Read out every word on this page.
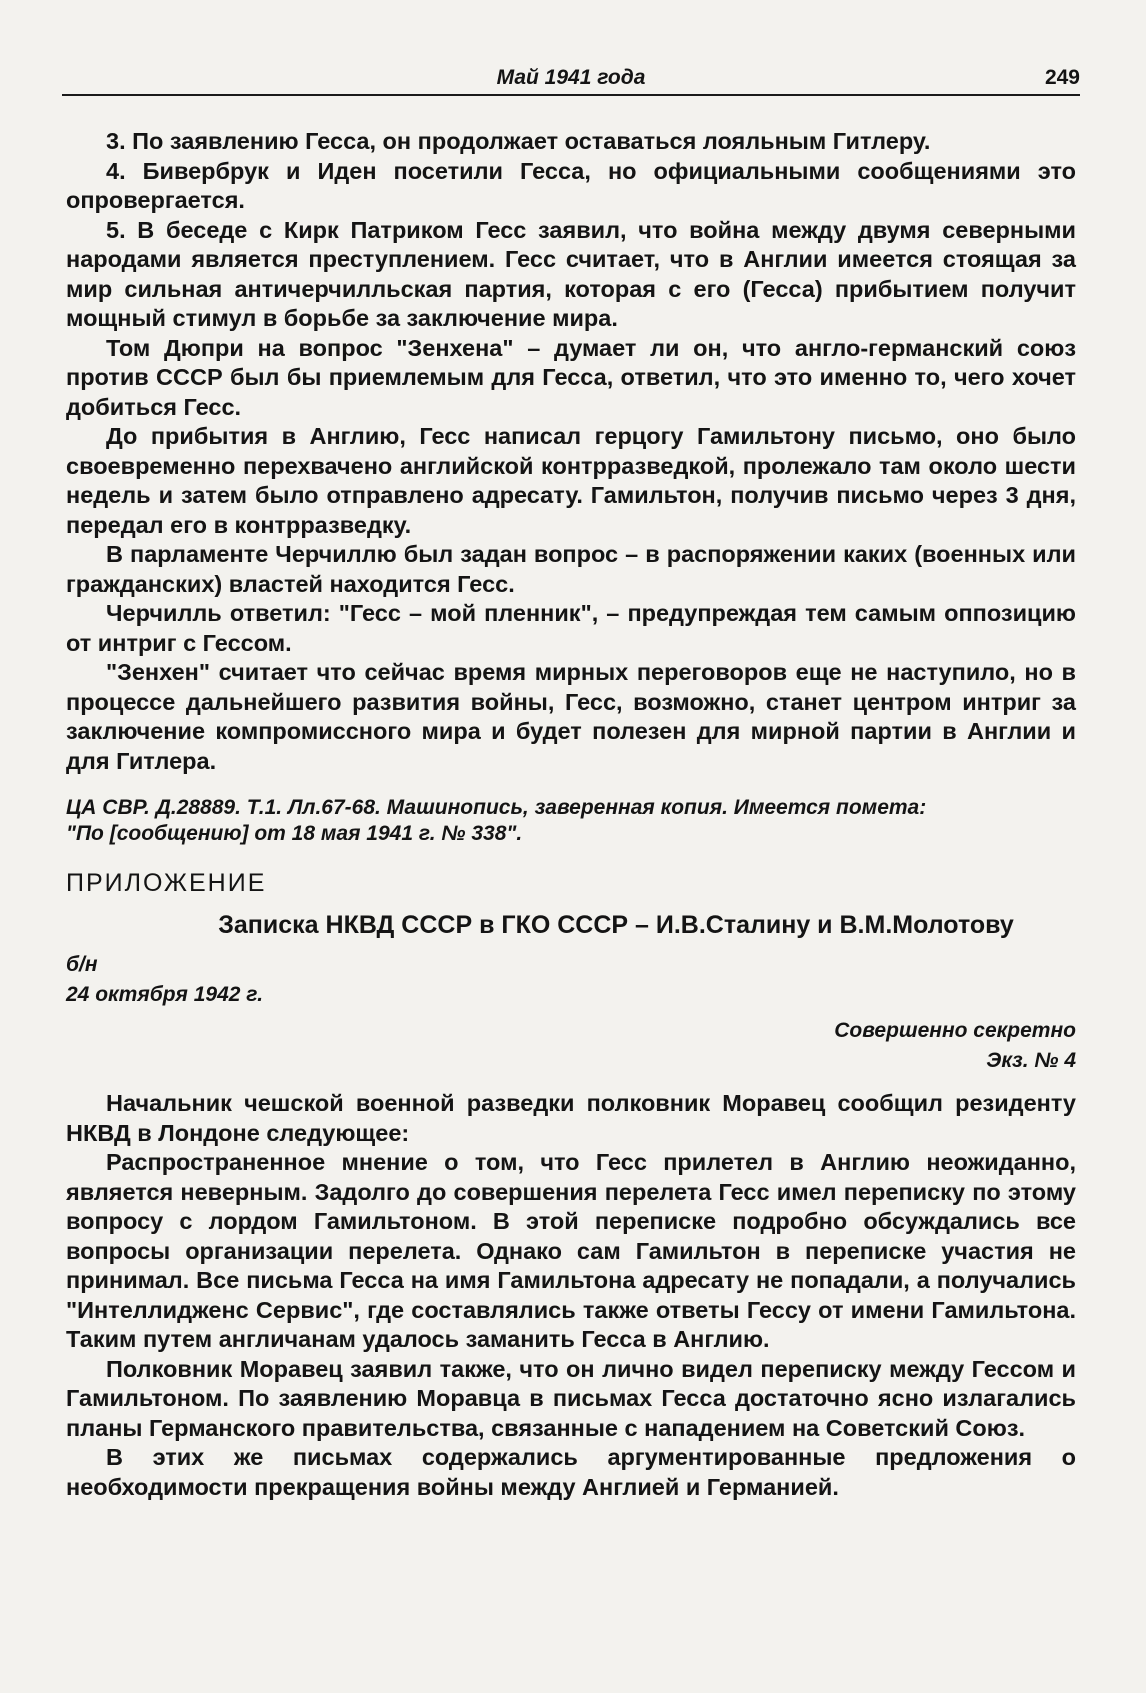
Май 1941 года	249

3. По заявлению Гесса, он продолжает оставаться лояльным Гитлеру.

4. Бивербрук и Иден посетили Гесса, но официальными сообщениями это опровергается.

5. В беседе с Кирк Патриком Гесс заявил, что война между двумя северными народами является преступлением. Гесс считает, что в Англии имеется стоящая за мир сильная античерчилльская партия, которая с его (Гесса) прибытием получит мощный стимул в борьбе за заключение мира.

Том Дюпри на вопрос "Зенхена" – думает ли он, что англо-германский союз против СССР был бы приемлемым для Гесса, ответил, что это именно то, чего хочет добиться Гесс.

До прибытия в Англию, Гесс написал герцогу Гамильтону письмо, оно было своевременно перехвачено английской контрразведкой, пролежало там около шести недель и затем было отправлено адресату. Гамильтон, получив письмо через 3 дня, передал его в контрразведку.

В парламенте Черчиллю был задан вопрос – в распоряжении каких (военных или гражданских) властей находится Гесс.

Черчилль ответил: "Гесс – мой пленник", – предупреждая тем самым оппозицию от интриг с Гессом.

"Зенхен" считает что сейчас время мирных переговоров еще не наступило, но в процессе дальнейшего развития войны, Гесс, возможно, станет центром интриг за заключение компромиссного мира и будет полезен для мирной партии в Англии и для Гитлера.

ЦА СВР. Д.28889. Т.1. Лл.67-68. Машинопись, заверенная копия. Имеется помета:
"По [сообщению] от 18 мая 1941 г. № 338".
ПРИЛОЖЕНИЕ
Записка НКВД СССР в ГКО СССР – И.В.Сталину и В.М.Молотову
б/н
24 октября 1942 г.
Совершенно секретно
Экз. № 4

Начальник чешской военной разведки полковник Моравец сообщил резиденту НКВД в Лондоне следующее:

Распространенное мнение о том, что Гесс прилетел в Англию неожиданно, является неверным. Задолго до совершения перелета Гесс имел переписку по этому вопросу с лордом Гамильтоном. В этой переписке подробно обсуждались все вопросы организации перелета. Однако сам Гамильтон в переписке участия не принимал. Все письма Гесса на имя Гамильтона адресату не попадали, а получались "Интеллидженс Сервис", где составлялись также ответы Гессу от имени Гамильтона. Таким путем англичанам удалось заманить Гесса в Англию.

Полковник Моравец заявил также, что он лично видел переписку между Гессом и Гамильтоном. По заявлению Моравца в письмах Гесса достаточно ясно излагались планы Германского правительства, связанные с нападением на Советский Союз.

В этих же письмах содержались аргументированные предложения о необходимости прекращения войны между Англией и Германией.
